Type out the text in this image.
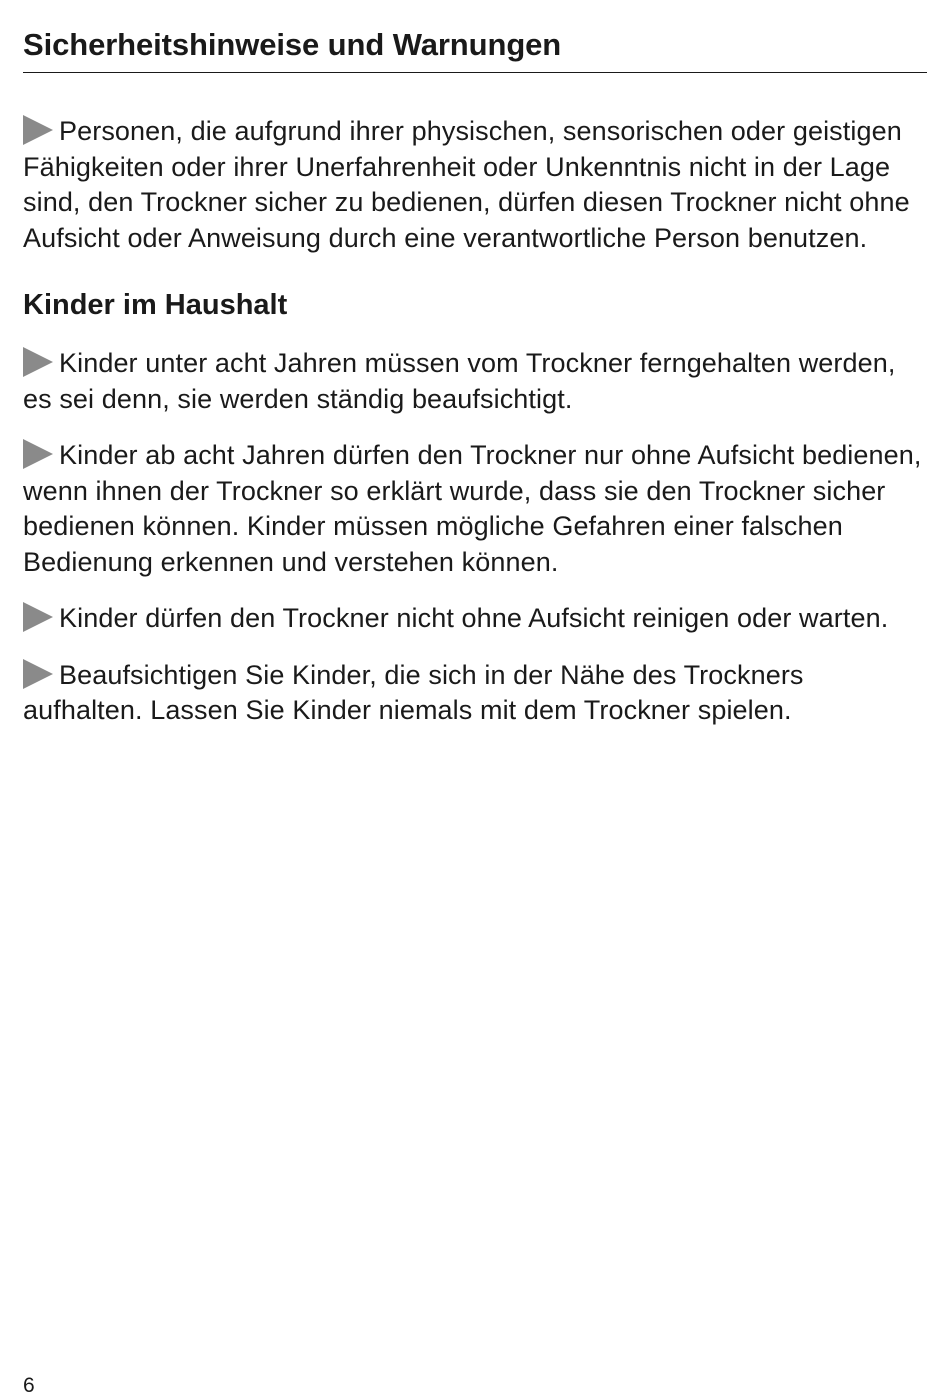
Sicherheitshinweise und Warnungen

Personen, die aufgrund ihrer physischen, sensorischen oder geistigen Fähigkeiten oder ihrer Unerfahrenheit oder Unkenntnis nicht in der Lage sind, den Trockner sicher zu bedienen, dürfen diesen Trockner nicht ohne Aufsicht oder Anweisung durch eine verantwortliche Person benutzen.

Kinder im Haushalt

Kinder unter acht Jahren müssen vom Trockner ferngehalten werden, es sei denn, sie werden ständig beaufsichtigt.

Kinder ab acht Jahren dürfen den Trockner nur ohne Aufsicht bedienen, wenn ihnen der Trockner so erklärt wurde, dass sie den Trockner sicher bedienen können. Kinder müssen mögliche Gefahren einer falschen Bedienung erkennen und verstehen können.

Kinder dürfen den Trockner nicht ohne Aufsicht reinigen oder warten.

Beaufsichtigen Sie Kinder, die sich in der Nähe des Trockners aufhalten. Lassen Sie Kinder niemals mit dem Trockner spielen.

6
